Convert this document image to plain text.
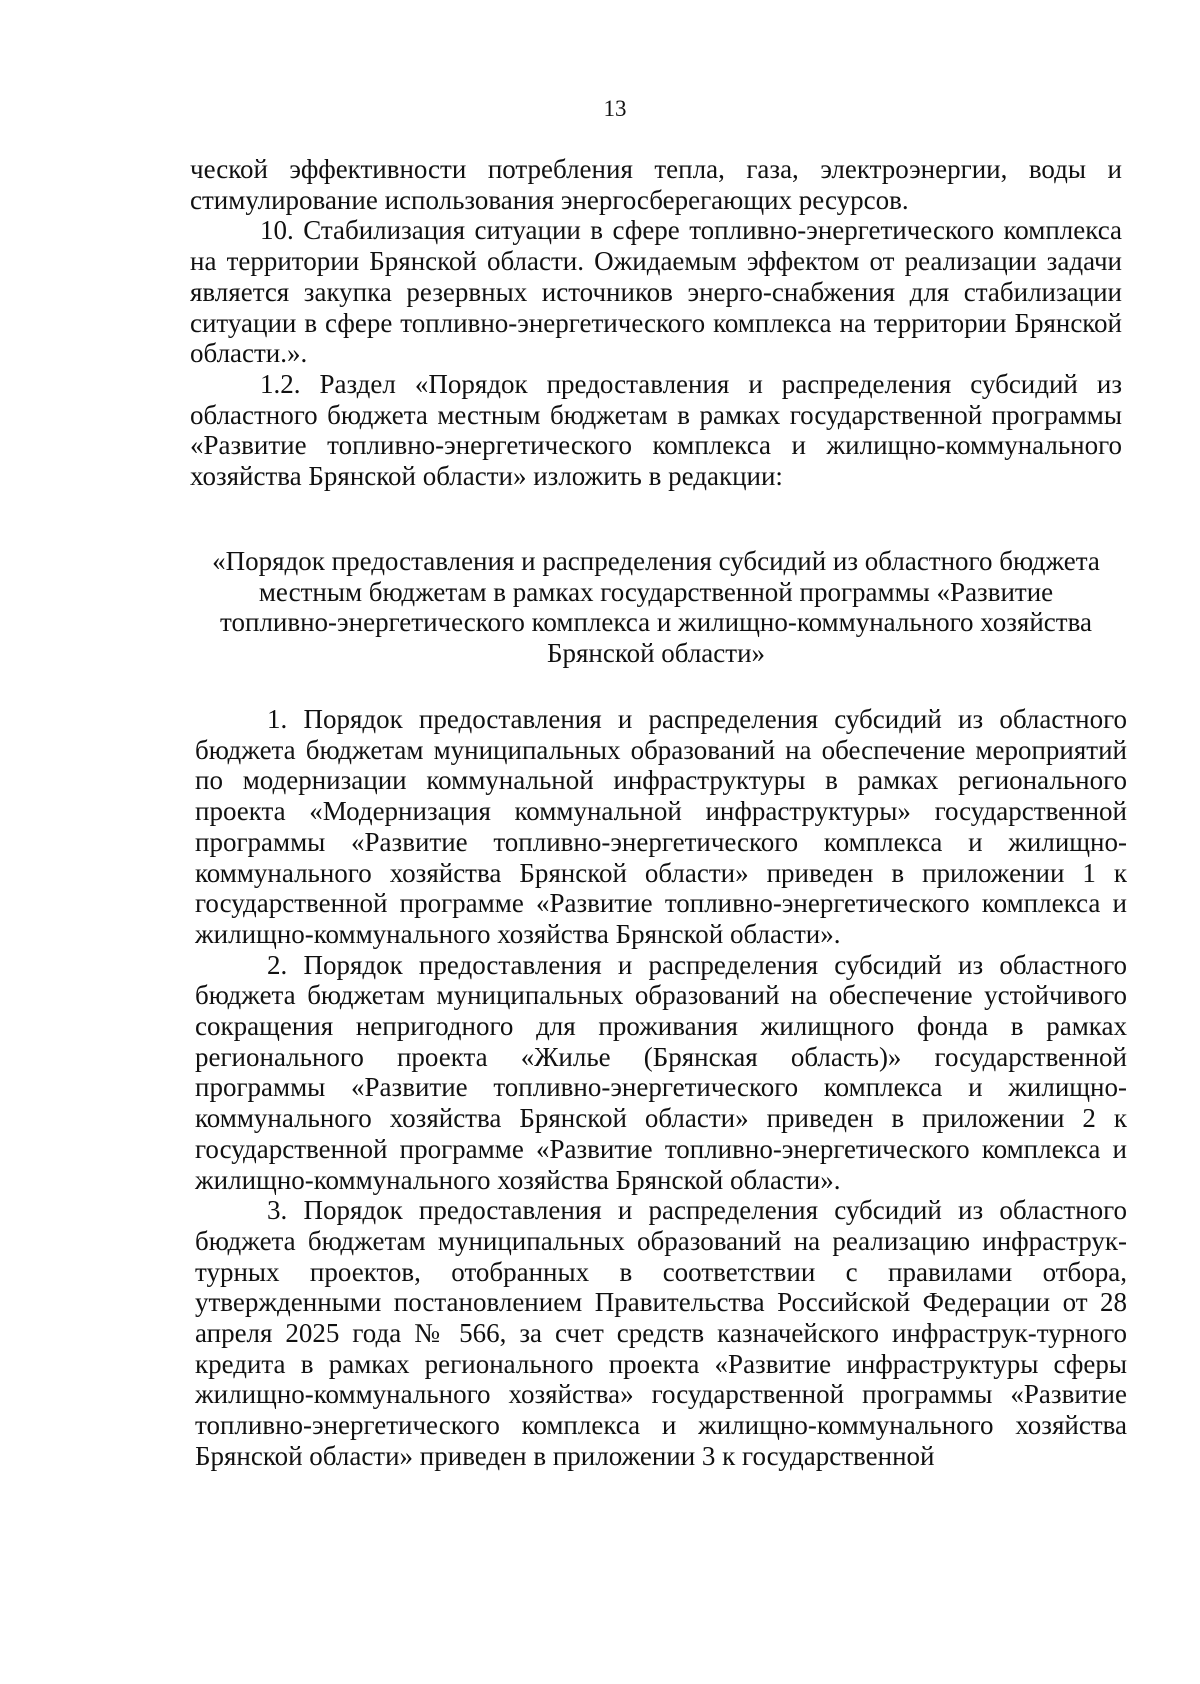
13

ческой эффективности потребления тепла, газа, электроэнергии, воды и стимулирование использования энергосберегающих ресурсов.

10. Стабилизация ситуации в сфере топливно-энергетического комплекса на территории Брянской области. Ожидаемым эффектом от реализации задачи является закупка резервных источников энерго-снабжения для стабилизации ситуации в сфере топливно-энергетического комплекса на территории Брянской области.».

1.2. Раздел «Порядок предоставления и распределения субсидий из областного бюджета местным бюджетам в рамках государственной программы «Развитие топливно-энергетического комплекса и жилищно-коммунального хозяйства Брянской области» изложить в редакции:

«Порядок предоставления и распределения субсидий из областного бюджета

местным бюджетам в рамках государственной программы «Развитие

топливно-энергетического комплекса и жилищно-коммунального хозяйства

Брянской области»

1. Порядок предоставления и распределения субсидий из областного бюджета бюджетам муниципальных образований на обеспечение мероприятий по модернизации коммунальной инфраструктуры в рамках регионального проекта «Модернизация коммунальной инфраструктуры» государственной программы «Развитие топливно-энергетического комплекса и жилищно-коммунального хозяйства Брянской области» приведен в приложении 1 к государственной программе «Развитие топливно-энергетического комплекса и жилищно-коммунального хозяйства Брянской области».

2. Порядок предоставления и распределения субсидий из областного бюджета бюджетам муниципальных образований на обеспечение устойчивого сокращения непригодного для проживания жилищного фонда в рамках регионального проекта «Жилье (Брянская область)» государственной программы «Развитие топливно-энергетического комплекса и жилищно-коммунального хозяйства Брянской области» приведен в приложении 2 к государственной программе «Развитие топливно-энергетического комплекса и жилищно-коммунального хозяйства Брянской области».

3. Порядок предоставления и распределения субсидий из областного бюджета бюджетам муниципальных образований на реализацию инфраструк-турных проектов, отобранных в соответствии с правилами отбора, утвержденными постановлением Правительства Российской Федерации от 28 апреля 2025 года № 566, за счет средств казначейского инфраструк-турного кредита в рамках регионального проекта «Развитие инфраструктуры сферы жилищно-коммунального хозяйства» государственной программы «Развитие топливно-энергетического комплекса и жилищно-коммунального хозяйства Брянской области» приведен в приложении 3 к государственной
